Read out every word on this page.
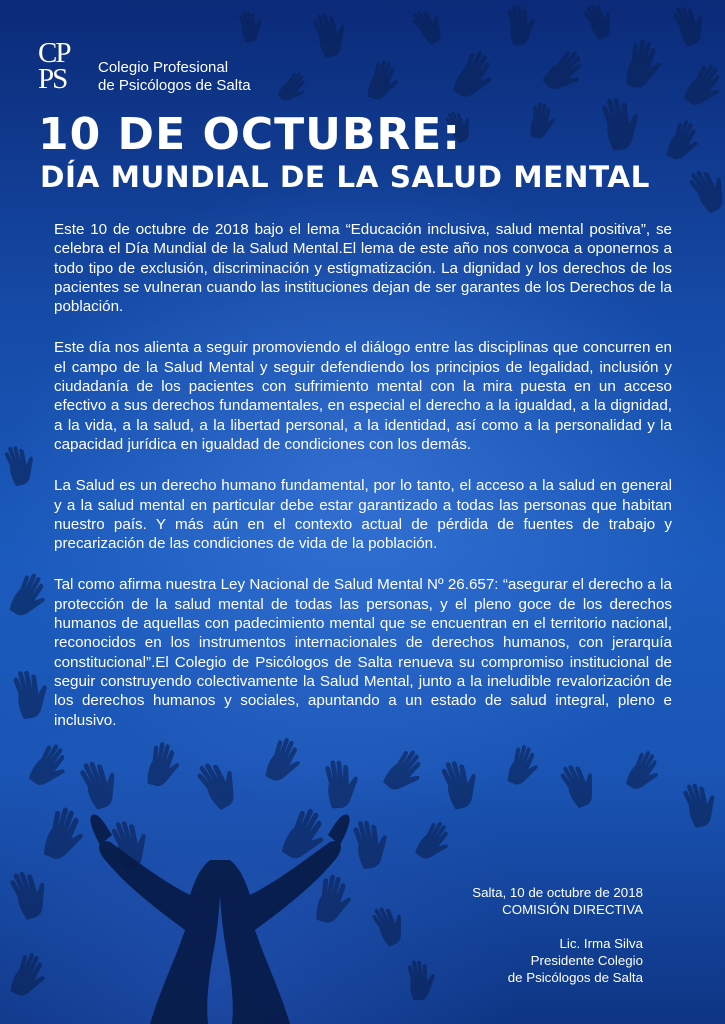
CP
PS	Colegio Profesional
de Psicólogos de Salta
10 DE OCTUBRE:
DÍA MUNDIAL DE LA SALUD MENTAL

Este 10 de octubre de 2018 bajo el lema “Educación inclusiva, salud mental positiva”, se celebra el Día Mundial de la Salud Mental.El lema de este año nos convoca a oponernos a todo tipo de exclusión, discriminación y estigmatización. La dignidad y los derechos de los pacientes se vulneran cuando las instituciones dejan de ser garantes de los Derechos de la población.

Este día nos alienta a seguir promoviendo el diálogo entre las disciplinas que concurren en el campo de la Salud Mental y seguir defendiendo los principios de legalidad, inclusión y ciudadanía de los pacientes con sufrimiento mental con la mira puesta en un acceso efectivo a sus derechos fundamentales, en especial el derecho a la igualdad, a la dignidad, a la vida, a la salud, a la libertad personal, a la identidad, así como a la personalidad y la capacidad jurídica en igualdad de condiciones con los demás.

La Salud es un derecho humano fundamental, por lo tanto, el acceso a la salud en general y a la salud mental en particular debe estar garantizado a todas las personas que habitan nuestro país. Y más aún en el contexto actual de pérdida de fuentes de trabajo y precarización de las condiciones de vida de la población.

Tal como afirma nuestra Ley Nacional de Salud Mental Nº 26.657: “asegurar el derecho a la protección de la salud mental de todas las personas, y el pleno goce de los derechos humanos de aquellas con padecimiento mental que se encuentran en el territorio nacional, reconocidos en los instrumentos internacionales de derechos humanos, con jerarquía constitucional”.El Colegio de Psicólogos de Salta renueva su compromiso institucional de seguir construyendo colectivamente la Salud Mental, junto a la ineludible revalorización de los derechos humanos y sociales, apuntando a un estado de salud integral, pleno e inclusivo.

Salta, 10 de octubre de 2018
COMISIÓN DIRECTIVA
Lic. Irma Silva
Presidente Colegio
de Psicólogos de Salta
